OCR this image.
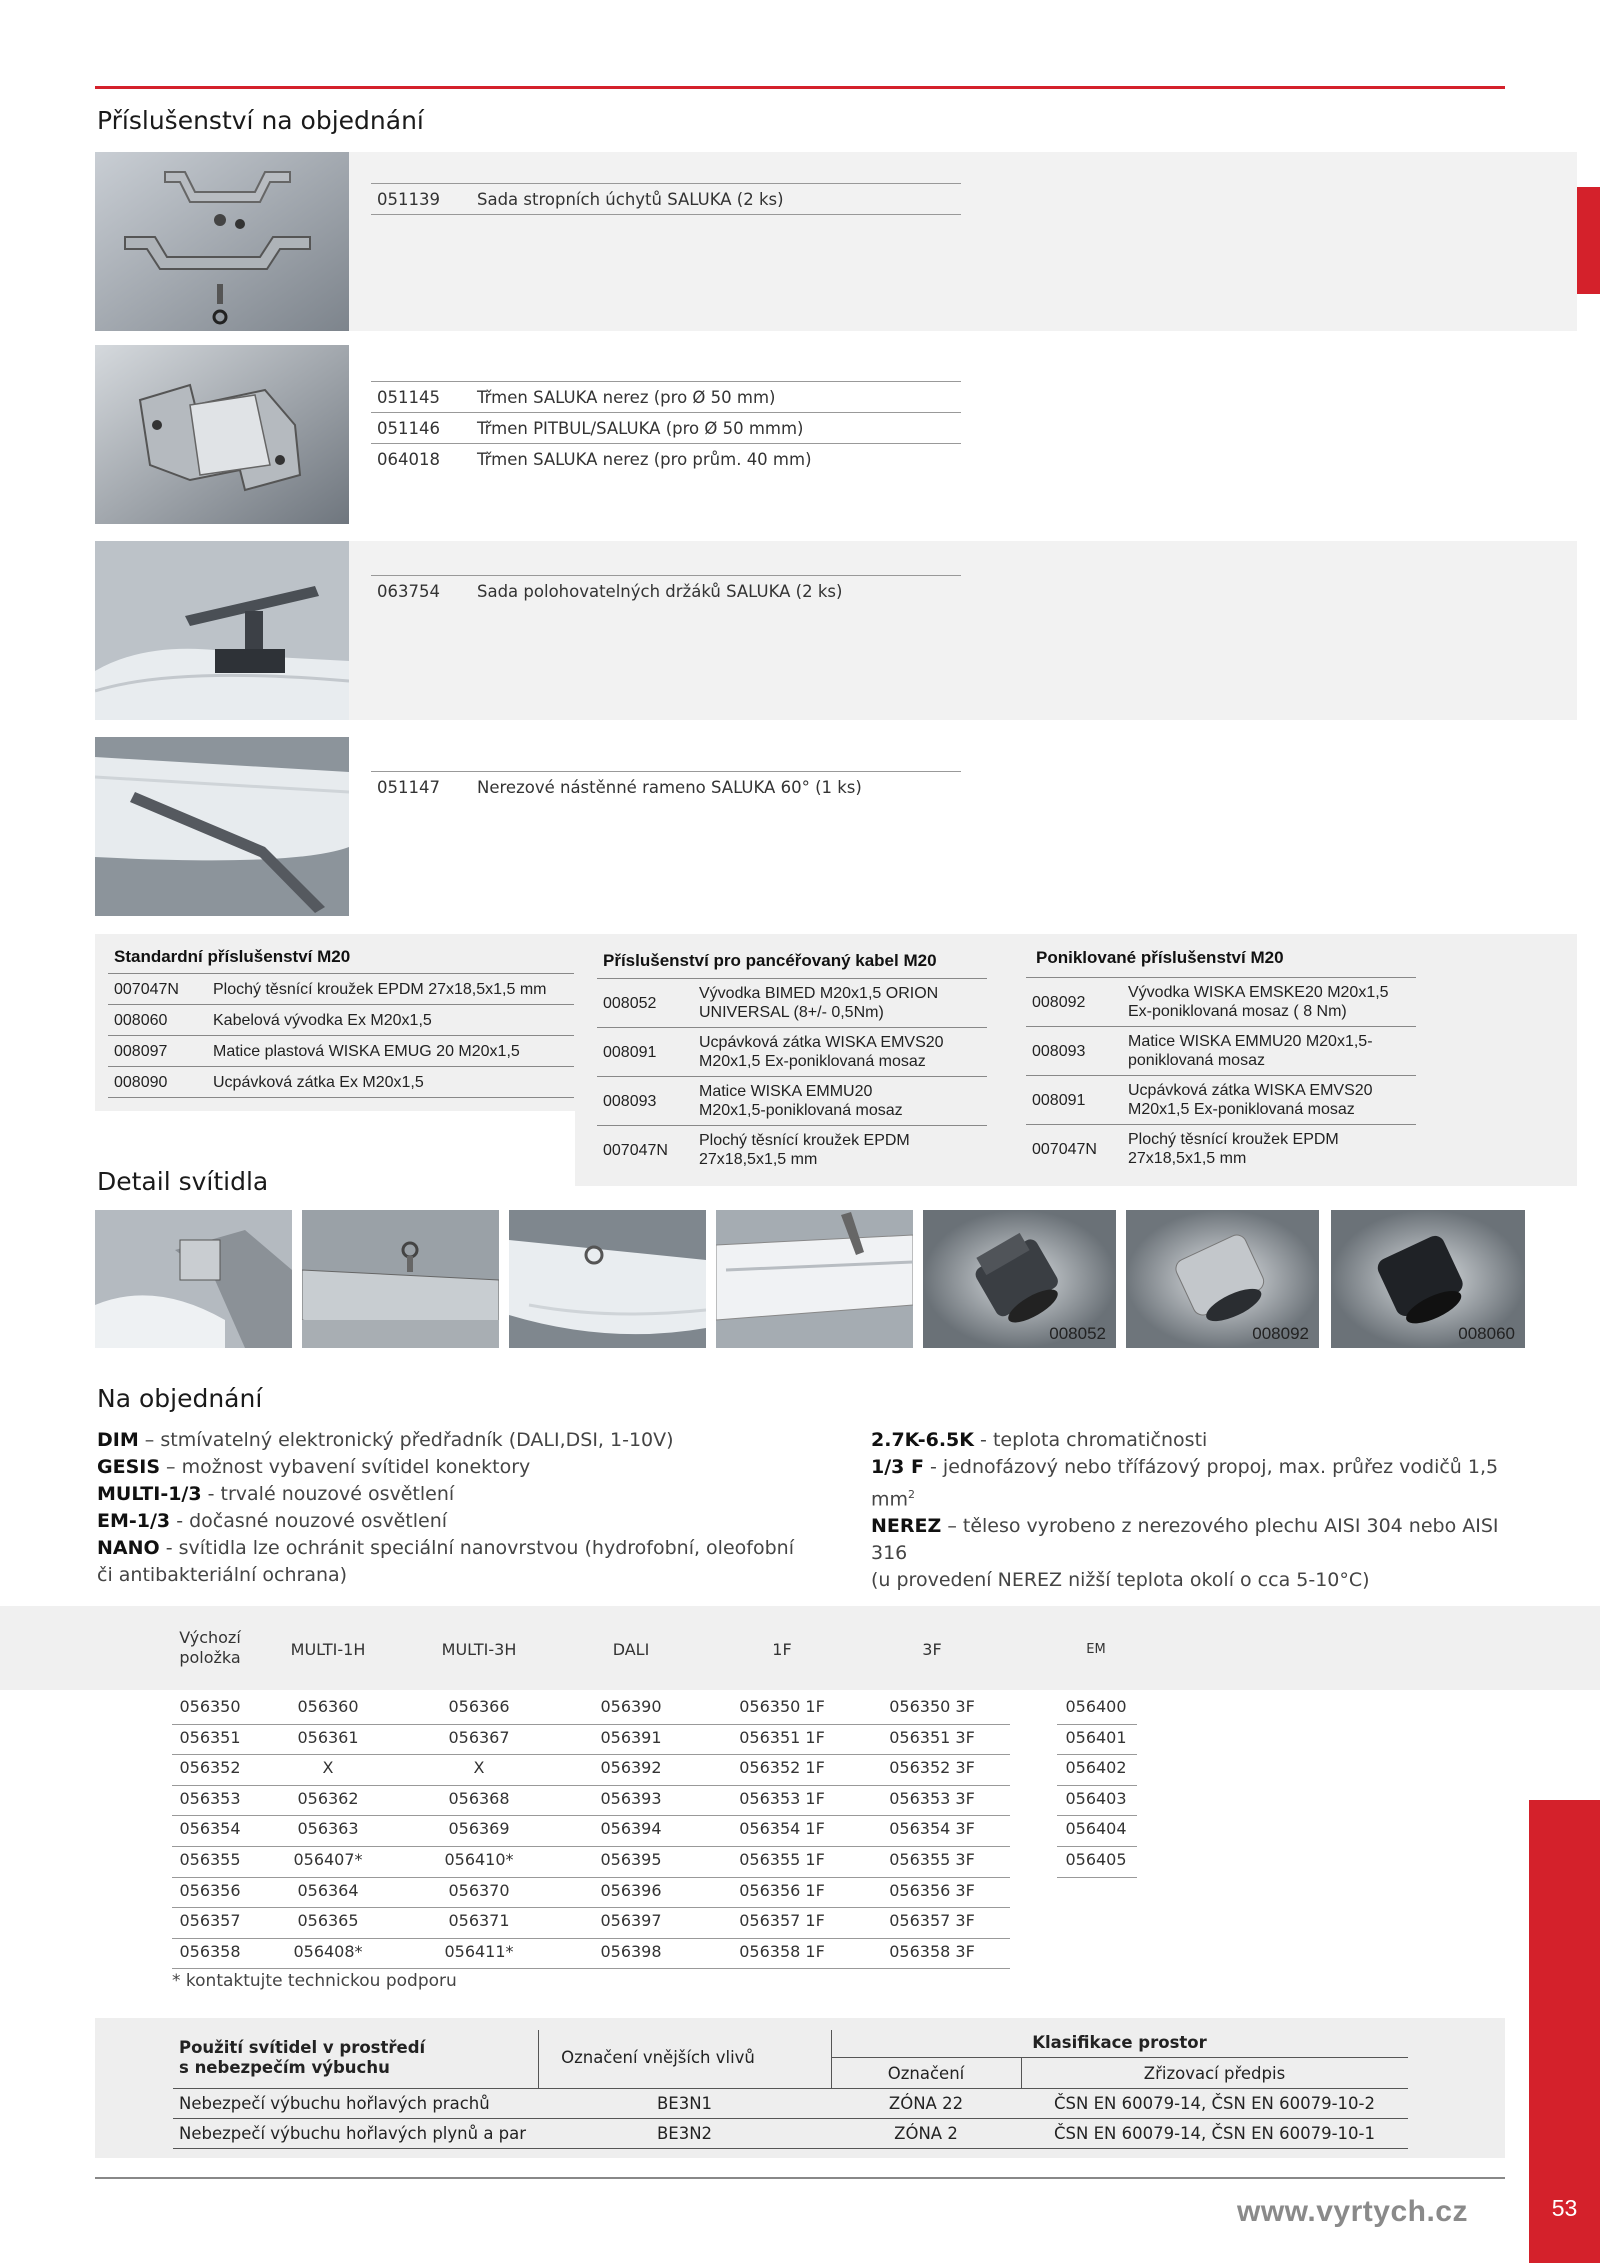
Příslušenství na objednání
051139	Sada stropních úchytů SALUKA (2 ks)
051145	Třmen SALUKA nerez (pro Ø 50 mm)
051146	Třmen PITBUL/SALUKA (pro Ø 50 mmm)
064018	Třmen SALUKA nerez (pro prům. 40 mm)
063754	Sada polohovatelných držáků SALUKA (2 ks)
051147	Nerezové nástěnné rameno SALUKA 60° (1 ks)
Standardní příslušenství M20
007047N	Plochý těsnící kroužek EPDM 27x18,5x1,5 mm
008060	Kabelová vývodka Ex M20x1,5
008097	Matice plastová WISKA EMUG 20 M20x1,5
008090	Ucpávková zátka Ex M20x1,5
Příslušenství pro pancéřovaný kabel M20
008052	Vývodka BIMED M20x1,5 ORION
UNIVERSAL (8+/- 0,5Nm)
008091	Ucpávková zátka WISKA EMVS20
M20x1,5 Ex-poniklovaná mosaz
008093	Matice WISKA EMMU20
M20x1,5-poniklovaná mosaz
007047N	Plochý těsnící kroužek EPDM
27x18,5x1,5 mm
Poniklované příslušenství M20
008092	Vývodka WISKA EMSKE20 M20x1,5
Ex-poniklovaná mosaz ( 8 Nm)
008093	Matice WISKA EMMU20 M20x1,5-
poniklovaná mosaz
008091	Ucpávková zátka WISKA EMVS20
M20x1,5 Ex-poniklovaná mosaz
007047N	Plochý těsnící kroužek EPDM
27x18,5x1,5 mm
Detail svítidla
008052	008092	008060
Na objednání
DIM – stmívatelný elektronický předřadník (DALI,DSI, 1-10V)
GESIS – možnost vybavení svítidel konektory
MULTI-1/3 - trvalé nouzové osvětlení
EM-1/3 - dočasné nouzové osvětlení
NANO - svítidla lze ochránit speciální nanovrstvou (hydrofobní, oleofobní
či antibakteriální ochrana)
2.7K-6.5K - teplota chromatičnosti
1/3 F - jednofázový nebo třífázový propoj, max. průřez vodičů 1,5 $mm^2$
NEREZ – těleso vyrobeno z nerezového plechu AISI 304 nebo AISI 316
(u provedení NEREZ nižší teplota okolí o cca 5-10°C)
Výchozí položka	MULTI-1H	MULTI-3H	DALI	1F	3F	EM
056350	056360	056366	056390	056350 1F	056350 3F	056400
056351	056361	056367	056391	056351 1F	056351 3F	056401
056352	X	X	056392	056352 1F	056352 3F	056402
056353	056362	056368	056393	056353 1F	056353 3F	056403
056354	056363	056369	056394	056354 1F	056354 3F	056404
056355	056407*	056410*	056395	056355 1F	056355 3F	056405
056356	056364	056370	056396	056356 1F	056356 3F
056357	056365	056371	056397	056357 1F	056357 3F
056358	056408*	056411*	056398	056358 1F	056358 3F
* kontaktujte technickou podporu
Použití svítidel v prostředí
s nebezpečím výbuchu
Označení vnějších vlivů
Klasifikace prostor
Označení	Zřizovací předpis
Nebezpečí výbuchu hořlavých prachů	BE3N1	ZÓNA 22	ČSN EN 60079-14, ČSN EN 60079-10-2
Nebezpečí výbuchu hořlavých plynů a par	BE3N2	ZÓNA 2	ČSN EN 60079-14, ČSN EN 60079-10-1
www.vyrtych.cz	53
